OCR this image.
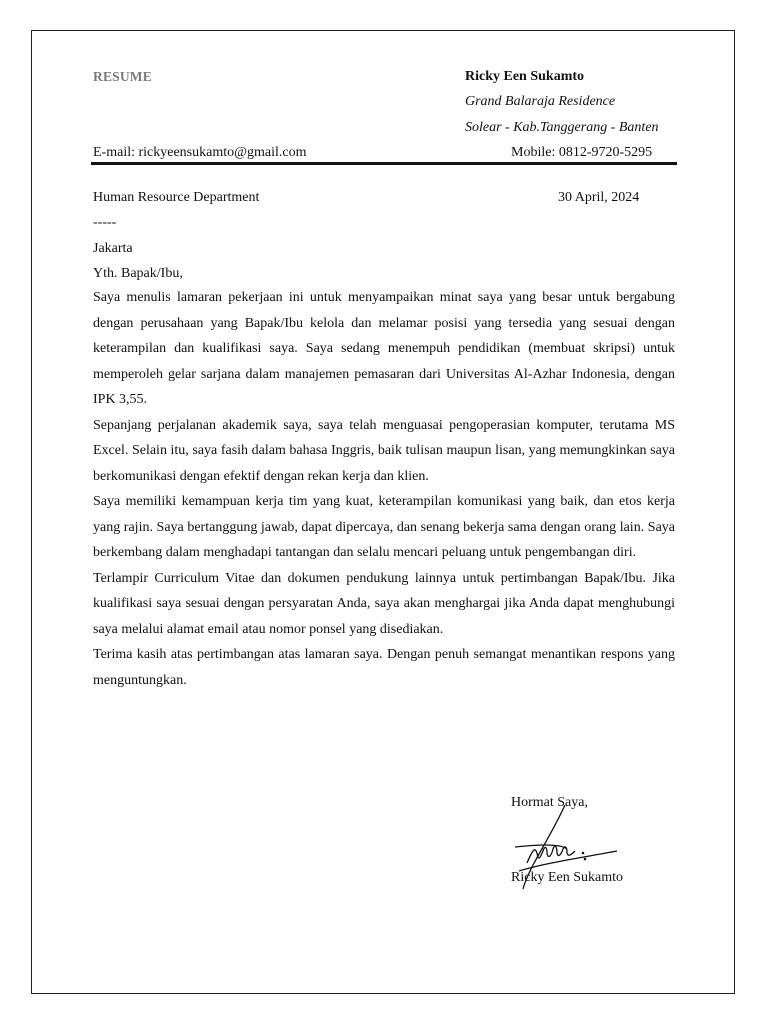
RESUME	Ricky Een Sukamto
Grand Balaraja Residence
Solear - Kab.Tanggerang - Banten
E-mail: rickyeensukamto@gmail.com	Mobile: 0812-9720-5295
Human Resource Department	30 April, 2024
-----
Jakarta
Yth. Bapak/Ibu,

Saya menulis lamaran pekerjaan ini untuk menyampaikan minat saya yang besar untuk bergabung dengan perusahaan yang Bapak/Ibu kelola dan melamar posisi yang tersedia yang sesuai dengan keterampilan dan kualifikasi saya. Saya sedang menempuh pendidikan (membuat skripsi) untuk memperoleh gelar sarjana dalam manajemen pemasaran dari Universitas Al-Azhar Indonesia, dengan IPK 3,55.

Sepanjang perjalanan akademik saya, saya telah menguasai pengoperasian komputer, terutama MS Excel. Selain itu, saya fasih dalam bahasa Inggris, baik tulisan maupun lisan, yang memungkinkan saya berkomunikasi dengan efektif dengan rekan kerja dan klien.

Saya memiliki kemampuan kerja tim yang kuat, keterampilan komunikasi yang baik, dan etos kerja yang rajin. Saya bertanggung jawab, dapat dipercaya, dan senang bekerja sama dengan orang lain. Saya berkembang dalam menghadapi tantangan dan selalu mencari peluang untuk pengembangan diri.

Terlampir Curriculum Vitae dan dokumen pendukung lainnya untuk pertimbangan Bapak/Ibu. Jika kualifikasi saya sesuai dengan persyaratan Anda, saya akan menghargai jika Anda dapat menghubungi saya melalui alamat email atau nomor ponsel yang disediakan.

Terima kasih atas pertimbangan atas lamaran saya. Dengan penuh semangat menantikan respons yang menguntungkan.

Hormat Saya,
Ricky Een Sukamto
